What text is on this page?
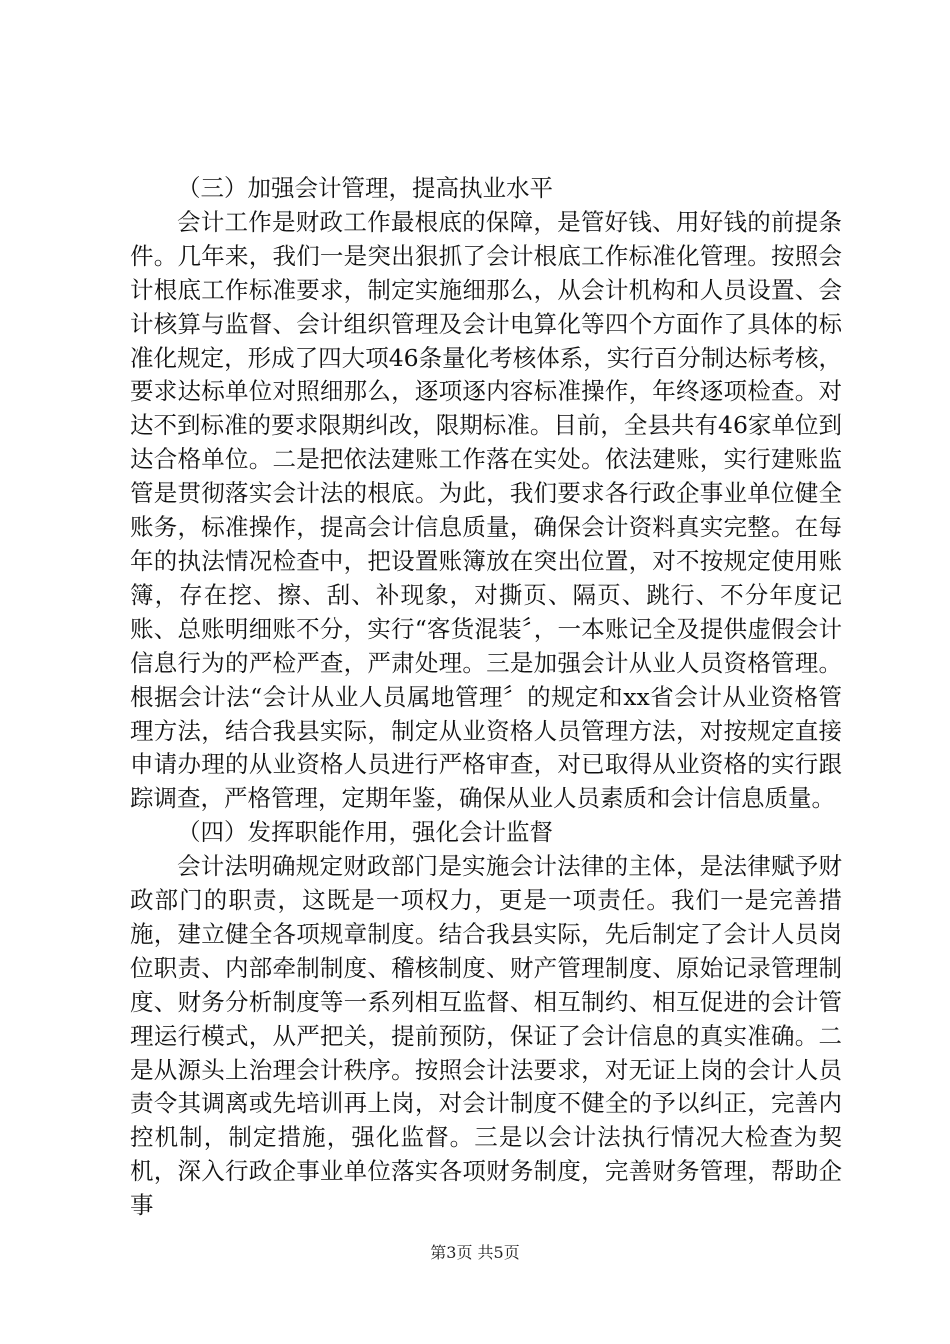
（三）加强会计管理，提高执业水平

会计工作是财政工作最根底的保障，是管好钱、用好钱的前提条件。几年来，我们一是突出狠抓了会计根底工作标准化管理。按照会计根底工作标准要求，制定实施细那么，从会计机构和人员设置、会计核算与监督、会计组织管理及会计电算化等四个方面作了具体的标准化规定，形成了四大项46条量化考核体系，实行百分制达标考核，要求达标单位对照细那么，逐项逐内容标准操作，年终逐项检查。对达不到标准的要求限期纠改，限期标准。目前，全县共有46家单位到达合格单位。二是把依法建账工作落在实处。依法建账，实行建账监管是贯彻落实会计法的根底。为此，我们要求各行政企事业单位健全账务，标准操作，提高会计信息质量，确保会计资料真实完整。在每年的执法情况检查中，把设置账簿放在突出位置，对不按规定使用账簿，存在挖、擦、刮、补现象，对撕页、隔页、跳行、不分年度记账、总账明细账不分，实行“客货混装〞，一本账记全及提供虚假会计信息行为的严检严查，严肃处理。三是加强会计从业人员资格管理。根据会计法“会计从业人员属地管理〞的规定和xx省会计从业资格管理方法，结合我县实际，制定从业资格人员管理方法，对按规定直接申请办理的从业资格人员进行严格审查，对已取得从业资格的实行跟踪调查，严格管理，定期年鉴，确保从业人员素质和会计信息质量。

（四）发挥职能作用，强化会计监督

会计法明确规定财政部门是实施会计法律的主体，是法律赋予财政部门的职责，这既是一项权力，更是一项责任。我们一是完善措施，建立健全各项规章制度。结合我县实际，先后制定了会计人员岗位职责、内部牵制制度、稽核制度、财产管理制度、原始记录管理制度、财务分析制度等一系列相互监督、相互制约、相互促进的会计管理运行模式，从严把关，提前预防，保证了会计信息的真实准确。二是从源头上治理会计秩序。按照会计法要求，对无证上岗的会计人员责令其调离或先培训再上岗，对会计制度不健全的予以纠正，完善内控机制，制定措施，强化监督。三是以会计法执行情况大检查为契机，深入行政企事业单位落实各项财务制度，完善财务管理，帮助企事

第3页 共5页
